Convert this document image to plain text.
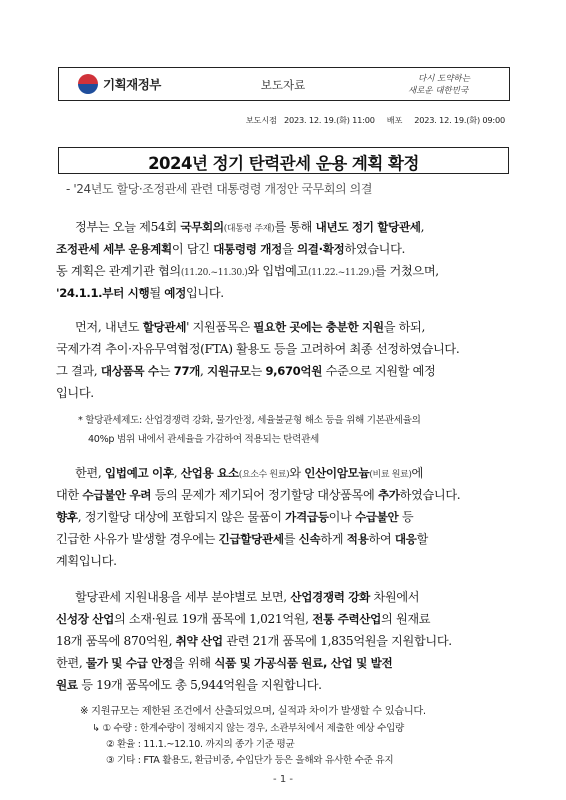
기획재정부	보도자료	다시 도약하는
새로운 대한민국
보도시점 2023. 12. 19.(화) 11:00 배포 2023. 12. 19.(화) 09:00
2024년 정기 탄력관세 운용 계획 확정
- '24년도 할당·조정관세 관련 대통령령 개정안 국무회의 의결
정부는 오늘 제54회 국무회의(대통령 주재)를 통해 내년도 정기 할당관세,
조정관세 세부 운용계획이 담긴 대통령령 개정을 의결·확정하였습니다.
동 계획은 관계기관 협의(11.20.~11.30.)와 입법예고(11.22.~11.29.)를 거쳤으며,
'24.1.1.부터 시행될 예정입니다.
먼저, 내년도 할당관세' 지원품목은 필요한 곳에는 충분한 지원을 하되,
국제가격 추이·자유무역협정(FTA) 활용도 등을 고려하여 최종 선정하였습니다.
그 결과, 대상품목 수는 77개, 지원규모는 9,670억원 수준으로 지원할 예정
입니다.
* 할당관세제도: 산업경쟁력 강화, 물가안정, 세율불균형 해소 등을 위해 기본관세율의
40%p 범위 내에서 관세율을 가감하여 적용되는 탄력관세
한편, 입법예고 이후, 산업용 요소(요소수 원료)와 인산이암모늄(비료 원료)에
대한 수급불안 우려 등의 문제가 제기되어 정기할당 대상품목에 추가하였습니다.
향후, 정기할당 대상에 포함되지 않은 물품이 가격급등이나 수급불안 등
긴급한 사유가 발생할 경우에는 긴급할당관세를 신속하게 적용하여 대응할
계획입니다.
할당관세 지원내용을 세부 분야별로 보면, 산업경쟁력 강화 차원에서
신성장 산업의 소재·원료 19개 품목에 1,021억원, 전통 주력산업의 원재료
18개 품목에 870억원, 취약 산업 관련 21개 품목에 1,835억원을 지원합니다.
한편, 물가 및 수급 안정을 위해 식품 및 가공식품 원료, 산업 및 발전
원료 등 19개 품목에도 총 5,944억원을 지원합니다.
※ 지원규모는 제한된 조건에서 산출되었으며, 실적과 차이가 발생할 수 있습니다.
↳ ① 수량 : 한계수량이 정해지지 않는 경우, 소관부처에서 제출한 예상 수입량
② 환율 : 11.1.~12.10. 까지의 종가 기준 평균
③ 기타 : FTA 활용도, 환급비중, 수입단가 등은 올해와 유사한 수준 유지
- 1 -
